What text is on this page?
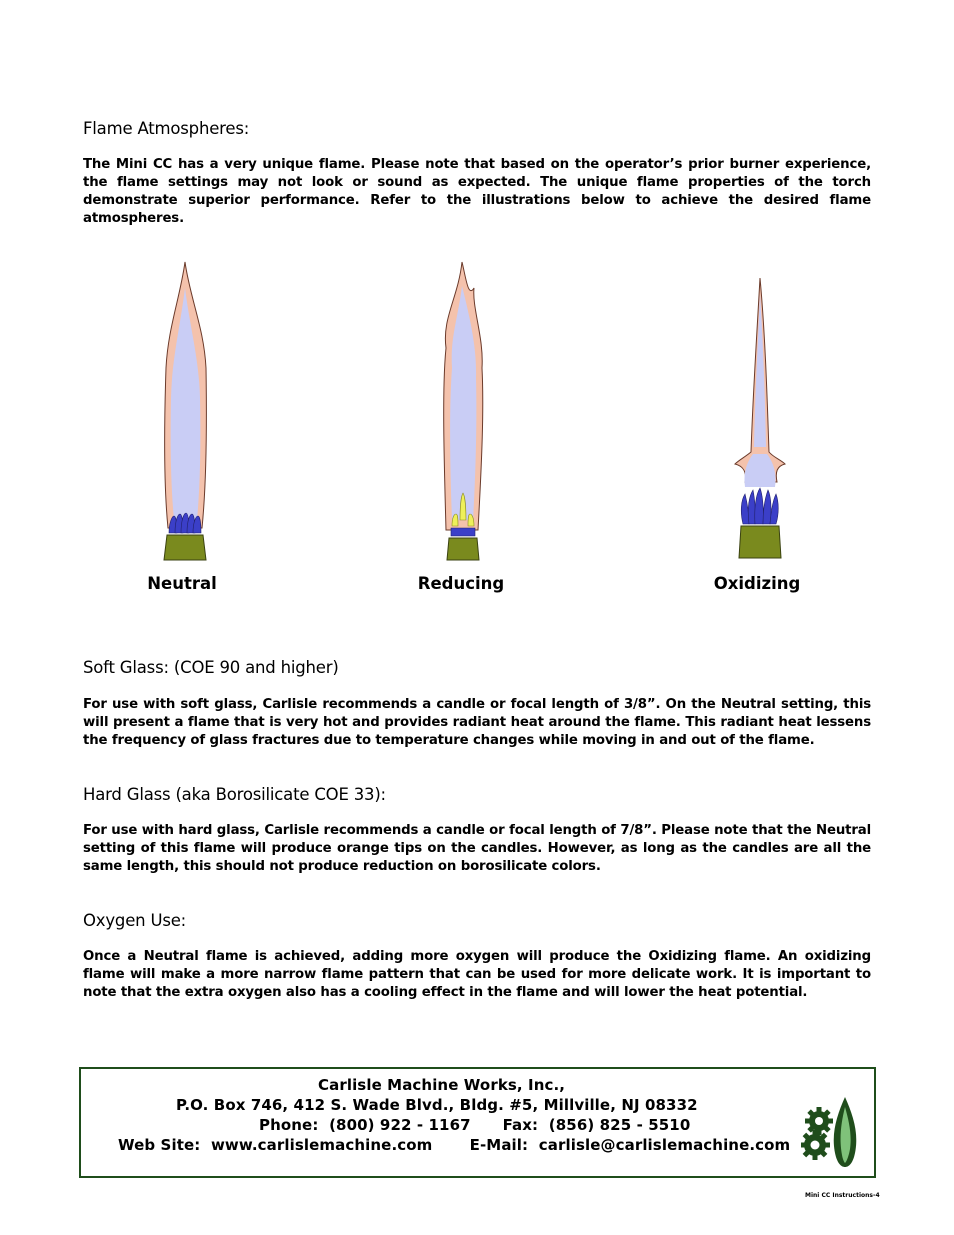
Flame Atmospheres:

The Mini CC has a very unique flame. Please note that based on the operator’s prior burner experience, the flame settings may not look or sound as expected. The unique flame properties of the torch demonstrate superior performance. Refer to the illustrations below to achieve the desired flame atmospheres.

Neutral	Reducing	Oxidizing
Soft Glass: (COE 90 and higher)

For use with soft glass, Carlisle recommends a candle or focal length of 3/8”. On the Neutral setting, this will present a flame that is very hot and provides radiant heat around the flame. This radiant heat lessens the frequency of glass fractures due to temperature changes while moving in and out of the flame.

Hard Glass (aka Borosilicate COE 33):

For use with hard glass, Carlisle recommends a candle or focal length of 7/8”. Please note that the Neutral setting of this flame will produce orange tips on the candles. However, as long as the candles are all the same length, this should not produce reduction on borosilicate colors.

Oxygen Use:

Once a Neutral flame is achieved, adding more oxygen will produce the Oxidizing flame. An oxidizing flame will make a more narrow flame pattern that can be used for more delicate work. It is important to note that the extra oxygen also has a cooling effect in the flame and will lower the heat potential.

Carlisle Machine Works, Inc.,
P.O. Box 746, 412 S. Wade Blvd., Bldg. #5, Millville, NJ 08332
Phone:  (800) 922 - 1167      Fax:  (856) 825 - 5510
Web Site:  www.carlislemachine.com       E-Mail:  carlisle@carlislemachine.com
Mini CC Instructions-4
